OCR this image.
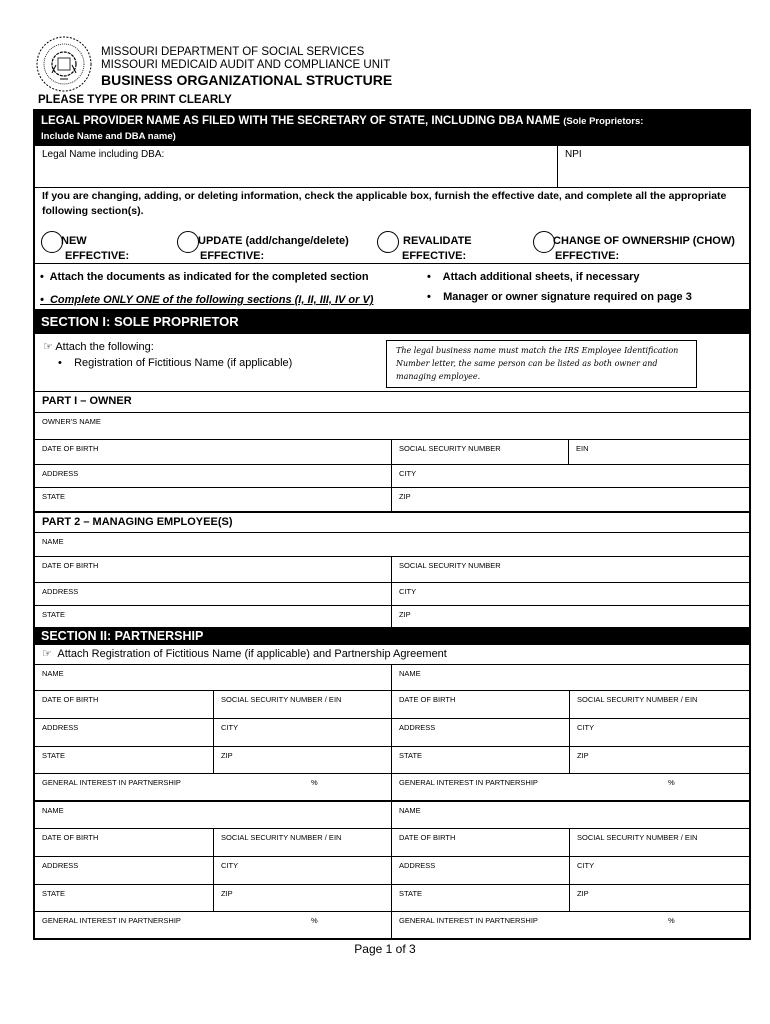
MISSOURI DEPARTMENT OF SOCIAL SERVICES
MISSOURI MEDICAID AUDIT AND COMPLIANCE UNIT
BUSINESS ORGANIZATIONAL STRUCTURE
PLEASE TYPE OR PRINT CLEARLY
LEGAL PROVIDER NAME AS FILED WITH THE SECRETARY OF STATE, INCLUDING DBA NAME (Sole Proprietors:
Include Name and DBA name)
Legal Name including DBA:	NPI
If you are changing, adding, or deleting information, check the applicable box, furnish the effective date, and complete all the appropriate following section(s).
NEW
EFFECTIVE:
UPDATE (add/change/delete)
EFFECTIVE:
REVALIDATE
EFFECTIVE:
CHANGE OF OWNERSHIP (CHOW)
EFFECTIVE:
•  Attach the documents as indicated for the completed section
•  Complete ONLY ONE of the following sections (I, II, III, IV or V)
•    Attach additional sheets, if necessary
•    Manager or owner signature required on page 3
SECTION I: SOLE PROPRIETOR
☞ Attach the following:
•    Registration of Fictitious Name (if applicable)
The legal business name must match the IRS Employee Identification Number letter, the same person can be listed as both owner and managing employee.
PART I – OWNER
OWNER'S NAME
DATE OF BIRTH	SOCIAL SECURITY NUMBER	EIN
ADDRESS	CITY
STATE	ZIP
PART 2 – MANAGING EMPLOYEE(S)
NAME
DATE OF BIRTH	SOCIAL SECURITY NUMBER
ADDRESS	CITY
STATE	ZIP
SECTION II: PARTNERSHIP
☞ Attach Registration of Fictitious Name (if applicable) and Partnership Agreement
NAME	NAME
DATE OF BIRTH	SOCIAL SECURITY NUMBER / EIN	DATE OF BIRTH	SOCIAL SECURITY NUMBER / EIN
ADDRESS	CITY	ADDRESS	CITY
STATE	ZIP	STATE	ZIP
GENERAL INTEREST IN PARTNERSHIP	%	GENERAL INTEREST IN PARTNERSHIP	%
NAME	NAME
DATE OF BIRTH	SOCIAL SECURITY NUMBER / EIN	DATE OF BIRTH	SOCIAL SECURITY NUMBER / EIN
ADDRESS	CITY	ADDRESS	CITY
STATE	ZIP	STATE	ZIP
GENERAL INTEREST IN PARTNERSHIP	%	GENERAL INTEREST IN PARTNERSHIP	%
Page 1 of 3
